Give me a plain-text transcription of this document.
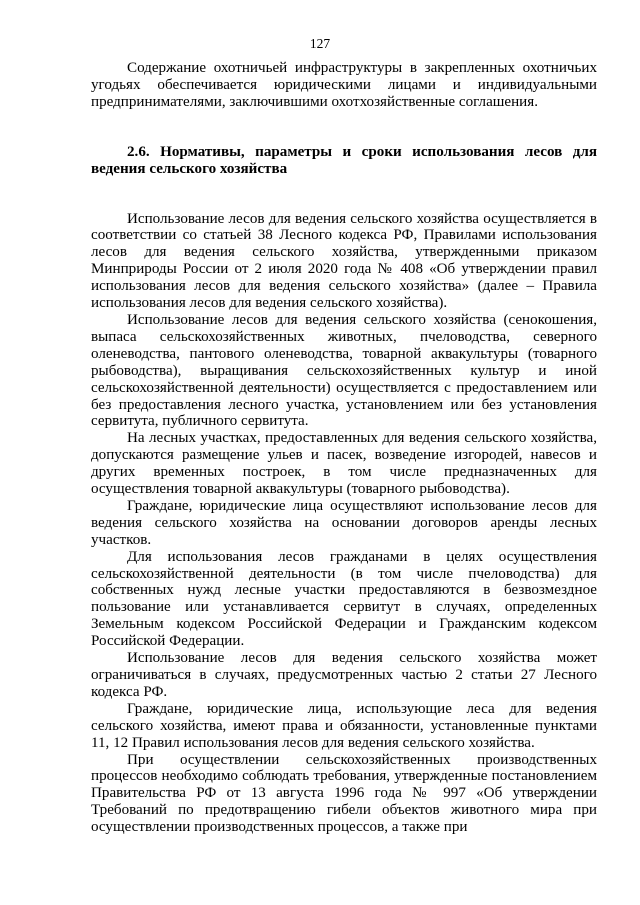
127

Содержание охотничьей инфраструктуры в закрепленных охотничьих угодьях обеспечивается юридическими лицами и индивидуальными предпринимателями, заключившими охотхозяйственные соглашения.

2.6. Нормативы, параметры и сроки использования лесов для ведения сельского хозяйства

Использование лесов для ведения сельского хозяйства осуществляется в соответствии со статьей 38 Лесного кодекса РФ, Правилами использования лесов для ведения сельского хозяйства, утвержденными приказом Минприроды России от 2 июля 2020 года № 408 «Об утверждении правил использования лесов для ведения сельского хозяйства» (далее – Правила использования лесов для ведения сельского хозяйства).

Использование лесов для ведения сельского хозяйства (сенокошения, выпаса сельскохозяйственных животных, пчеловодства, северного оленеводства, пантового оленеводства, товарной аквакультуры (товарного рыбоводства), выращивания сельскохозяйственных культур и иной сельскохозяйственной деятельности) осуществляется с предоставлением или без предоставления лесного участка, установлением или без установления сервитута, публичного сервитута.

На лесных участках, предоставленных для ведения сельского хозяйства, допускаются размещение ульев и пасек, возведение изгородей, навесов и других временных построек, в том числе предназначенных для осуществления товарной аквакультуры (товарного рыбоводства).

Граждане, юридические лица осуществляют использование лесов для ведения сельского хозяйства на основании договоров аренды лесных участков.

Для использования лесов гражданами в целях осуществления сельскохозяйственной деятельности (в том числе пчеловодства) для собственных нужд лесные участки предоставляются в безвозмездное пользование или устанавливается сервитут в случаях, определенных Земельным кодексом Российской Федерации и Гражданским кодексом Российской Федерации.

Использование лесов для ведения сельского хозяйства может ограничиваться в случаях, предусмотренных частью 2 статьи 27 Лесного кодекса РФ.

Граждане, юридические лица, использующие леса для ведения сельского хозяйства, имеют права и обязанности, установленные пунктами 11, 12 Правил использования лесов для ведения сельского хозяйства.

При осуществлении сельскохозяйственных производственных процессов необходимо соблюдать требования, утвержденные постановлением Правительства РФ от 13 августа 1996 года № 997 «Об утверждении Требований по предотвращению гибели объектов животного мира при осуществлении производственных процессов, а также при
